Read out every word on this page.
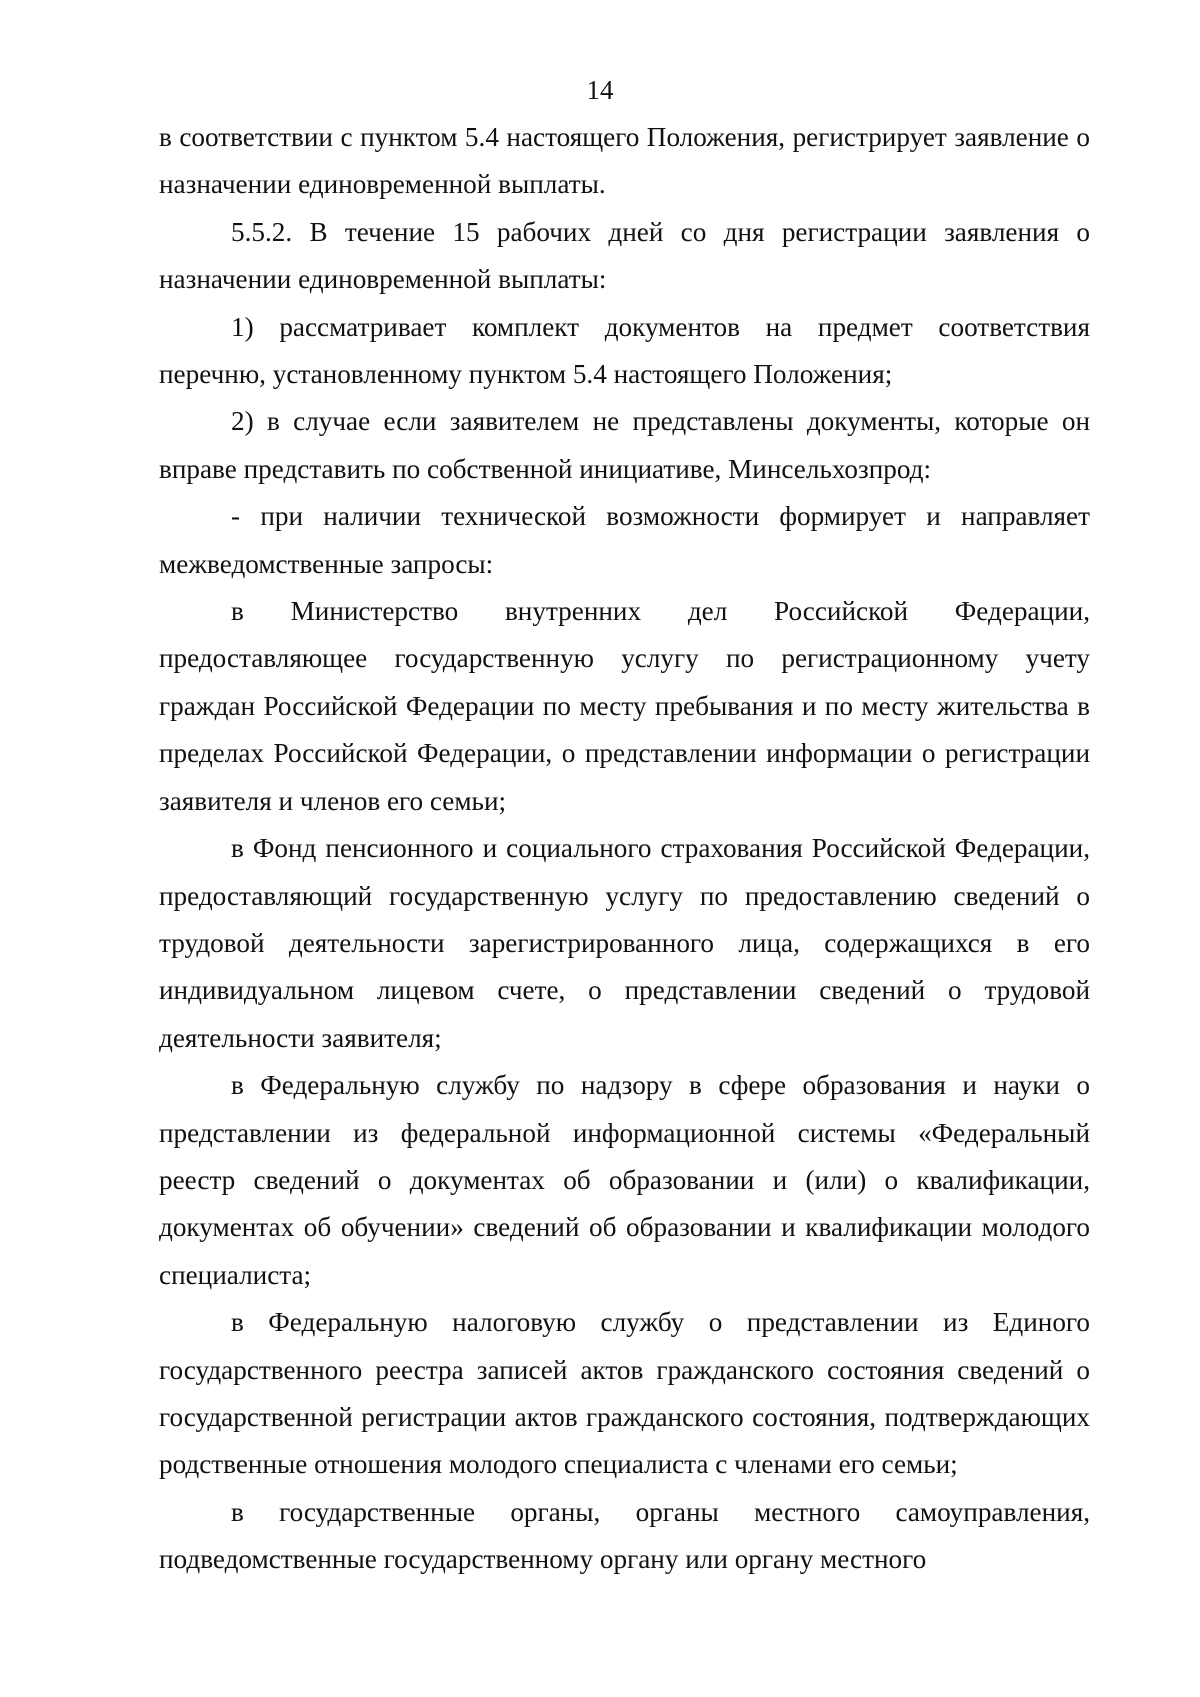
14

в соответствии с пунктом 5.4 настоящего Положения, регистрирует заявление о назначении единовременной выплаты.

5.5.2. В течение 15 рабочих дней со дня регистрации заявления о назначении единовременной выплаты:

1) рассматривает комплект документов на предмет соответствия перечню, установленному пунктом 5.4 настоящего Положения;

2) в случае если заявителем не представлены документы, которые он вправе представить по собственной инициативе, Минсельхозпрод:

- при наличии технической возможности формирует и направляет межведомственные запросы:

в Министерство внутренних дел Российской Федерации, предоставляющее государственную услугу по регистрационному учету граждан Российской Федерации по месту пребывания и по месту жительства в пределах Российской Федерации, о представлении информации о регистрации заявителя и членов его семьи;

в Фонд пенсионного и социального страхования Российской Федерации, предоставляющий государственную услугу по предоставлению сведений о трудовой деятельности зарегистрированного лица, содержащихся в его индивидуальном лицевом счете, о представлении сведений о трудовой деятельности заявителя;

в Федеральную службу по надзору в сфере образования и науки о представлении из федеральной информационной системы «Федеральный реестр сведений о документах об образовании и (или) о квалификации, документах об обучении» сведений об образовании и квалификации молодого специалиста;

в Федеральную налоговую службу о представлении из Единого государственного реестра записей актов гражданского состояния сведений о государственной регистрации актов гражданского состояния, подтверждающих родственные отношения молодого специалиста с членами его семьи;

в государственные органы, органы местного самоуправления, подведомственные государственному органу или органу местного
